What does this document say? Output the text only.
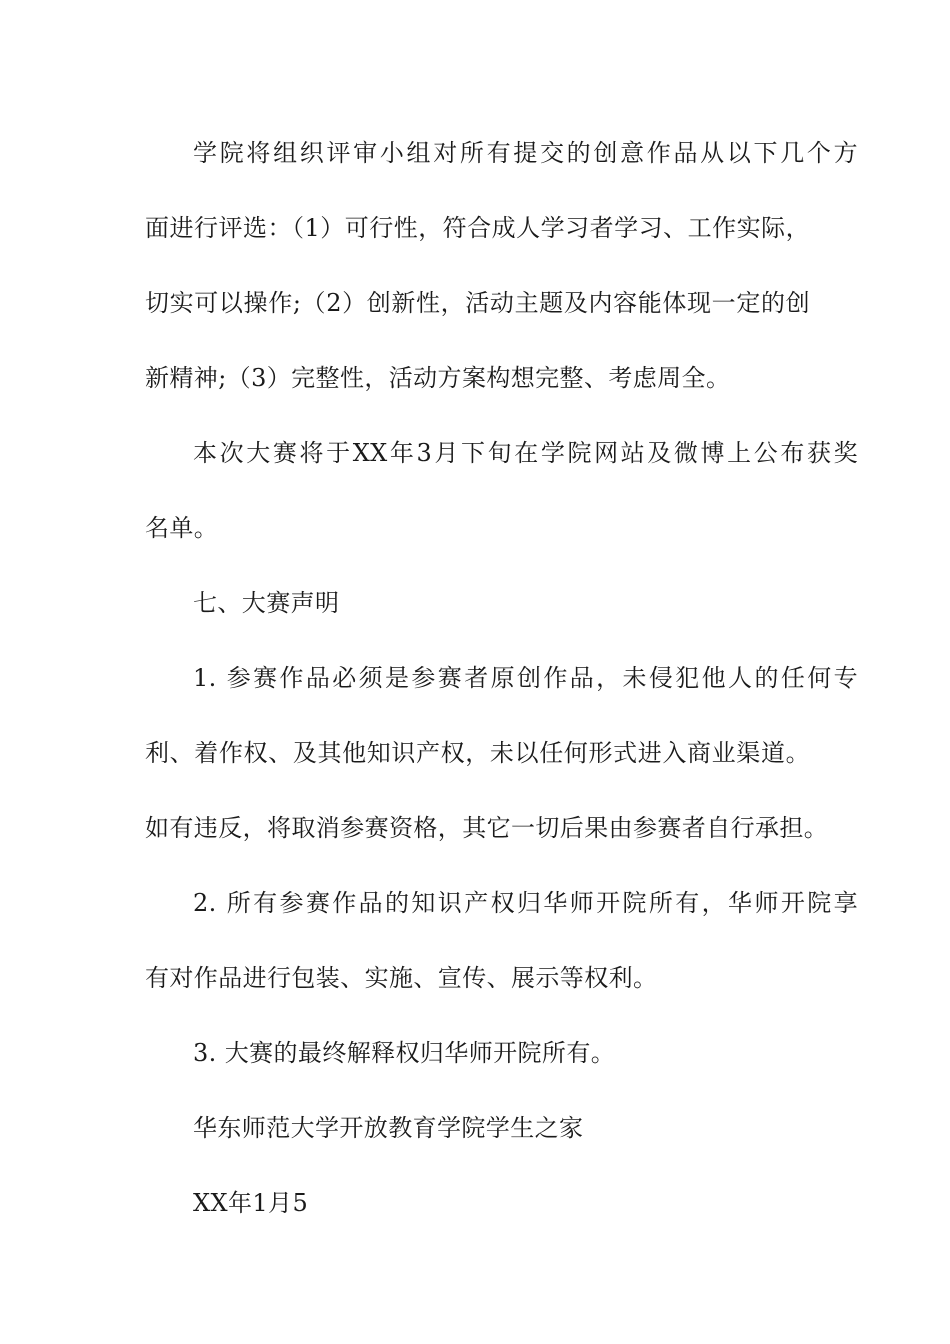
学院将组织评审小组对所有提交的创意作品从以下几个方
面进行评选：（1）可行性，符合成人学习者学习、工作实际，
切实可以操作;（2）创新性，活动主题及内容能体现一定的创
新精神;（3）完整性，活动方案构想完整、考虑周全。
本次大赛将于XX年3月下旬在学院网站及微博上公布获奖
名单。
七、大赛声明
1. 参赛作品必须是参赛者原创作品，未侵犯他人的任何专
利、着作权、及其他知识产权，未以任何形式进入商业渠道。
如有违反，将取消参赛资格，其它一切后果由参赛者自行承担。
2. 所有参赛作品的知识产权归华师开院所有，华师开院享
有对作品进行包装、实施、宣传、展示等权利。
3. 大赛的最终解释权归华师开院所有。
华东师范大学开放教育学院学生之家
XX年1月5
